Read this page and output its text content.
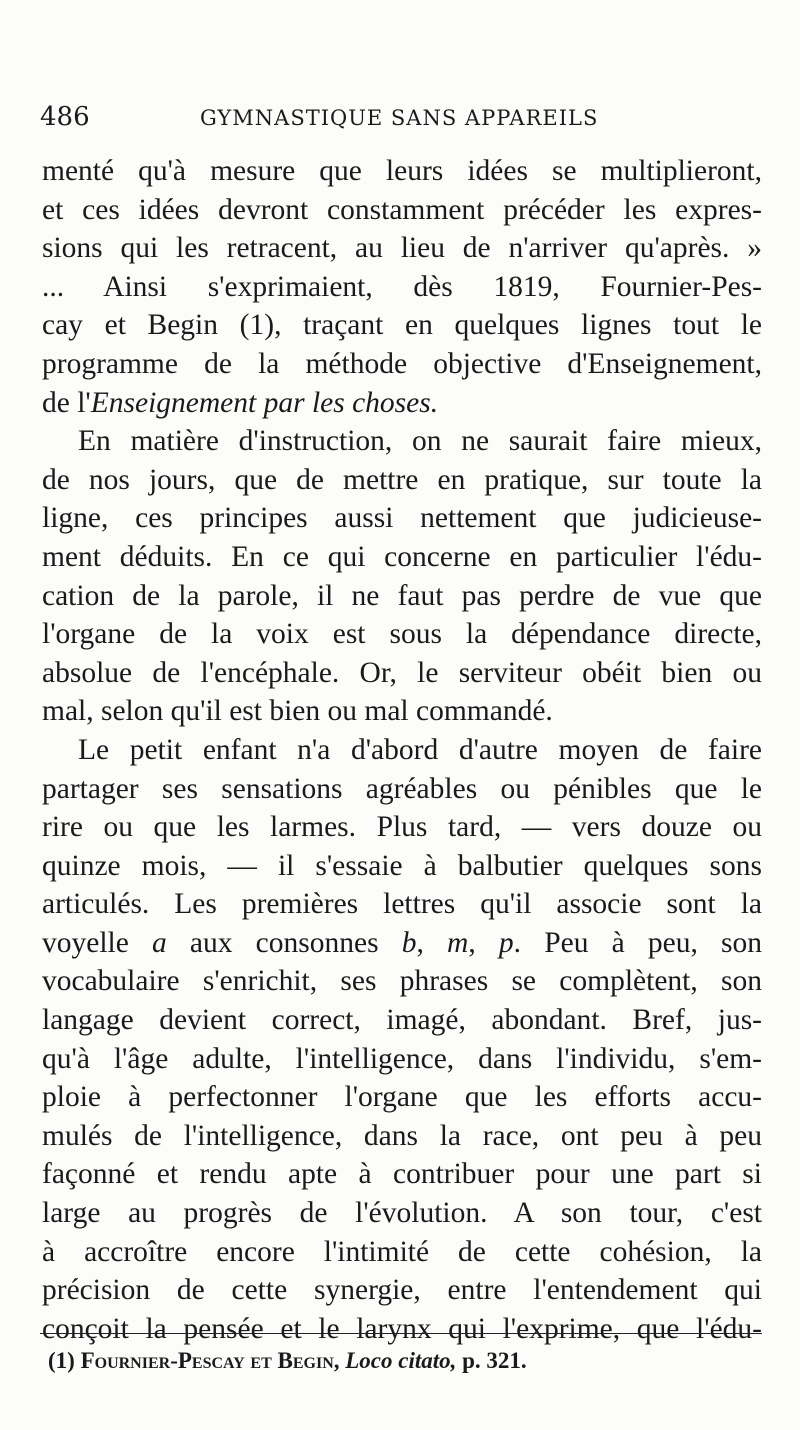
486	GYMNASTIQUE SANS APPAREILS

menté qu'à mesure que leurs idées se multiplieront,
et ces idées devront constamment précéder les expres-
sions qui les retracent, au lieu de n'arriver qu'après. »
... Ainsi s'exprimaient, dès 1819, Fournier-Pes-
cay et Begin (1), traçant en quelques lignes tout le
programme de la méthode objective d'Enseignement,
de l'Enseignement par les choses.

En matière d'instruction, on ne saurait faire mieux,
de nos jours, que de mettre en pratique, sur toute la
ligne, ces principes aussi nettement que judicieuse-
ment déduits. En ce qui concerne en particulier l'édu-
cation de la parole, il ne faut pas perdre de vue que
l'organe de la voix est sous la dépendance directe,
absolue de l'encéphale. Or, le serviteur obéit bien ou
mal, selon qu'il est bien ou mal commandé.

Le petit enfant n'a d'abord d'autre moyen de faire
partager ses sensations agréables ou pénibles que le
rire ou que les larmes. Plus tard, — vers douze ou
quinze mois, — il s'essaie à balbutier quelques sons
articulés. Les premières lettres qu'il associe sont la
voyelle a aux consonnes b, m, p. Peu à peu, son
vocabulaire s'enrichit, ses phrases se complètent, son
langage devient correct, imagé, abondant. Bref, jus-
qu'à l'âge adulte, l'intelligence, dans l'individu, s'em-
ploie à perfectonner l'organe que les efforts accu-
mulés de l'intelligence, dans la race, ont peu à peu
façonné et rendu apte à contribuer pour une part si
large au progrès de l'évolution. A son tour, c'est
à accroître encore l'intimité de cette cohésion, la
précision de cette synergie, entre l'entendement qui
conçoit la pensée et le larynx qui l'exprime, que l'édu-

(1) Fournier-Pescay et Begin, Loco citato, p. 321.
